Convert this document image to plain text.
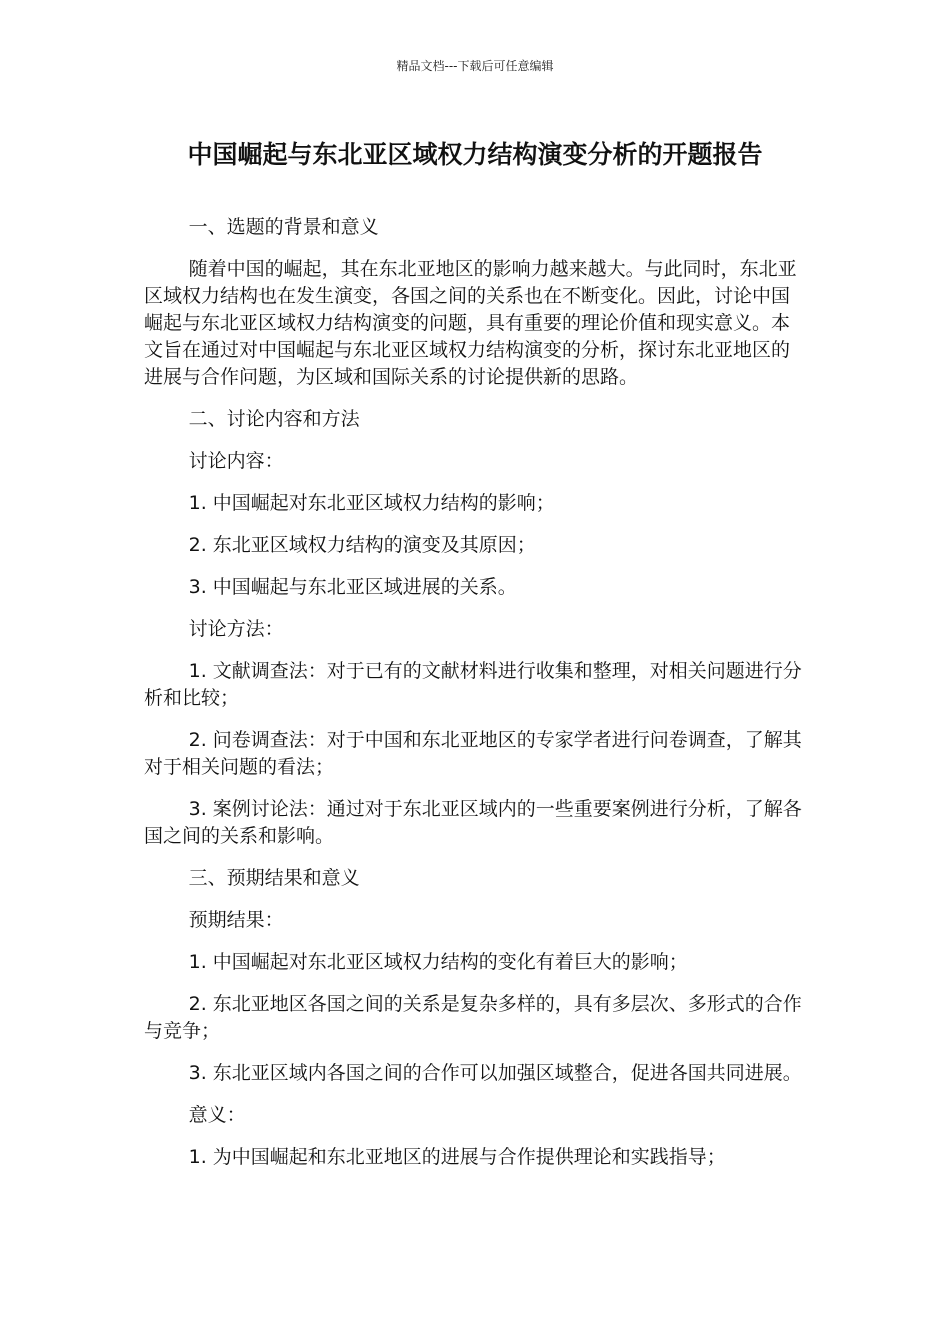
精品文档---下载后可任意编辑
中国崛起与东北亚区域权力结构演变分析的开题报告

一、选题的背景和意义

随着中国的崛起，其在东北亚地区的影响力越来越大。与此同时，东北亚区域权力结构也在发生演变，各国之间的关系也在不断变化。因此，讨论中国崛起与东北亚区域权力结构演变的问题，具有重要的理论价值和现实意义。本文旨在通过对中国崛起与东北亚区域权力结构演变的分析，探讨东北亚地区的进展与合作问题，为区域和国际关系的讨论提供新的思路。

二、讨论内容和方法

讨论内容：

1. 中国崛起对东北亚区域权力结构的影响；

2. 东北亚区域权力结构的演变及其原因；

3. 中国崛起与东北亚区域进展的关系。

讨论方法：

1. 文献调查法：对于已有的文献材料进行收集和整理，对相关问题进行分析和比较；

2. 问卷调查法：对于中国和东北亚地区的专家学者进行问卷调查，了解其对于相关问题的看法；

3. 案例讨论法：通过对于东北亚区域内的一些重要案例进行分析，了解各国之间的关系和影响。

三、预期结果和意义

预期结果：

1. 中国崛起对东北亚区域权力结构的变化有着巨大的影响；

2. 东北亚地区各国之间的关系是复杂多样的，具有多层次、多形式的合作与竞争；

3. 东北亚区域内各国之间的合作可以加强区域整合，促进各国共同进展。

意义：

1. 为中国崛起和东北亚地区的进展与合作提供理论和实践指导；
